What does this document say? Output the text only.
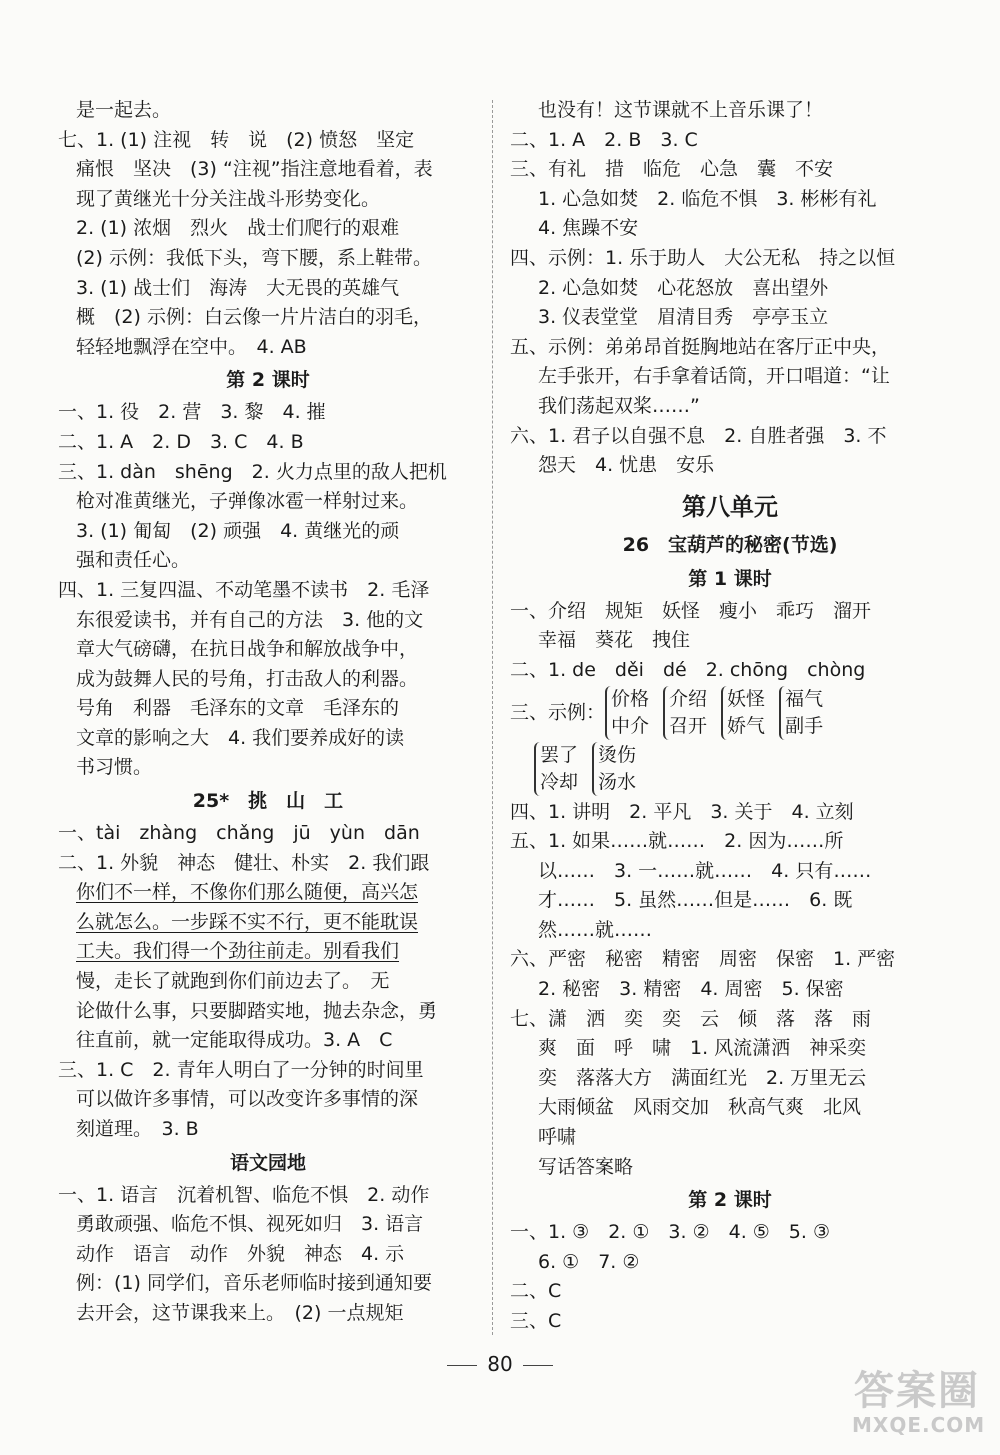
是一起去。
七、1. (1) 注视　转　说　(2) 愤怒　坚定
痛恨　坚决　(3) “注视”指注意地看着，表
现了黄继光十分关注战斗形势变化。
2. (1) 浓烟　烈火　战士们爬行的艰难
(2) 示例：我低下头，弯下腰，系上鞋带。
3. (1) 战士们　海涛　大无畏的英雄气
概　(2) 示例：白云像一片片洁白的羽毛，
轻轻地飘浮在空中。　4. AB
第 2 课时
一、1. 役　2. 营　3. 黎　4. 摧
二、1. A　2. D　3. C　4. B
三、1. dàn　shēng　2. 火力点里的敌人把机
枪对准黄继光，子弹像冰雹一样射过来。
3. (1) 匍匐　(2) 顽强　4. 黄继光的顽
强和责任心。
四、1. 三复四温、不动笔墨不读书　2. 毛泽
东很爱读书，并有自己的方法　3. 他的文
章大气磅礴，在抗日战争和解放战争中，
成为鼓舞人民的号角，打击敌人的利器。
号角　利器　毛泽东的文章　毛泽东的
文章的影响之大　4. 我们要养成好的读
书习惯。
25*　挑　山　工
一、tài　zhàng　chǎng　jū　yùn　dān
二、1. 外貌　神态　健壮、朴实　2. 我们跟
你们不一样，不像你们那么随便，高兴怎
么就怎么。一步踩不实不行，更不能耽误
工夫。我们得一个劲往前走。别看我们
慢，走长了就跑到你们前边去了。　无
论做什么事，只要脚踏实地，抛去杂念，勇
往直前，就一定能取得成功。3. A　C
三、1. C　2. 青年人明白了一分钟的时间里
可以做许多事情，可以改变许多事情的深
刻道理。　3. B
语文园地
一、1. 语言　沉着机智、临危不惧　2. 动作
勇敢顽强、临危不惧、视死如归　3. 语言
动作　语言　动作　外貌　神态　4. 示
例：(1) 同学们，音乐老师临时接到通知要
去开会，这节课我来上。　(2) 一点规矩
也没有！这节课就不上音乐课了！
二、1. A　2. B　3. C
三、有礼　措　临危　心急　囊　不安
1. 心急如焚　2. 临危不惧　3. 彬彬有礼
4. 焦躁不安
四、示例：1. 乐于助人　大公无私　持之以恒
2. 心急如焚　心花怒放　喜出望外
3. 仪表堂堂　眉清目秀　亭亭玉立
五、示例：弟弟昂首挺胸地站在客厅正中央，
左手张开，右手拿着话筒，开口唱道：“让
我们荡起双桨……”
六、1. 君子以自强不息　2. 自胜者强　3. 不
怨天　4. 忧患　安乐
第八单元
26　宝葫芦的秘密(节选)
第 1 课时
一、介绍　规矩　妖怪　瘦小　乖巧　溜开
幸福　葵花　拽住
二、1. de　děi　dé　2. chōng　chòng
三、示例：
价格
中介
介绍
召开
妖怪
娇气
福气
副手
罢了
冷却
烫伤
汤水
四、1. 讲明　2. 平凡　3. 关于　4. 立刻
五、1. 如果……就……　2. 因为……所
以……　3. 一……就……　4. 只有……
才……　5. 虽然……但是……　6. 既
然……就……
六、严密　秘密　精密　周密　保密　1. 严密
2. 秘密　3. 精密　4. 周密　5. 保密
七、潇　洒　奕　奕　云　倾　落　落　雨
爽　面　呼　啸　1. 风流潇洒　神采奕
奕　落落大方　满面红光　2. 万里无云
大雨倾盆　风雨交加　秋高气爽　北风
呼啸
写话答案略
第 2 课时
一、1. ③　2. ①　3. ②　4. ⑤　5. ③
6. ①　7. ②
二、C
三、C
80
答案圈
MXQE.COM
